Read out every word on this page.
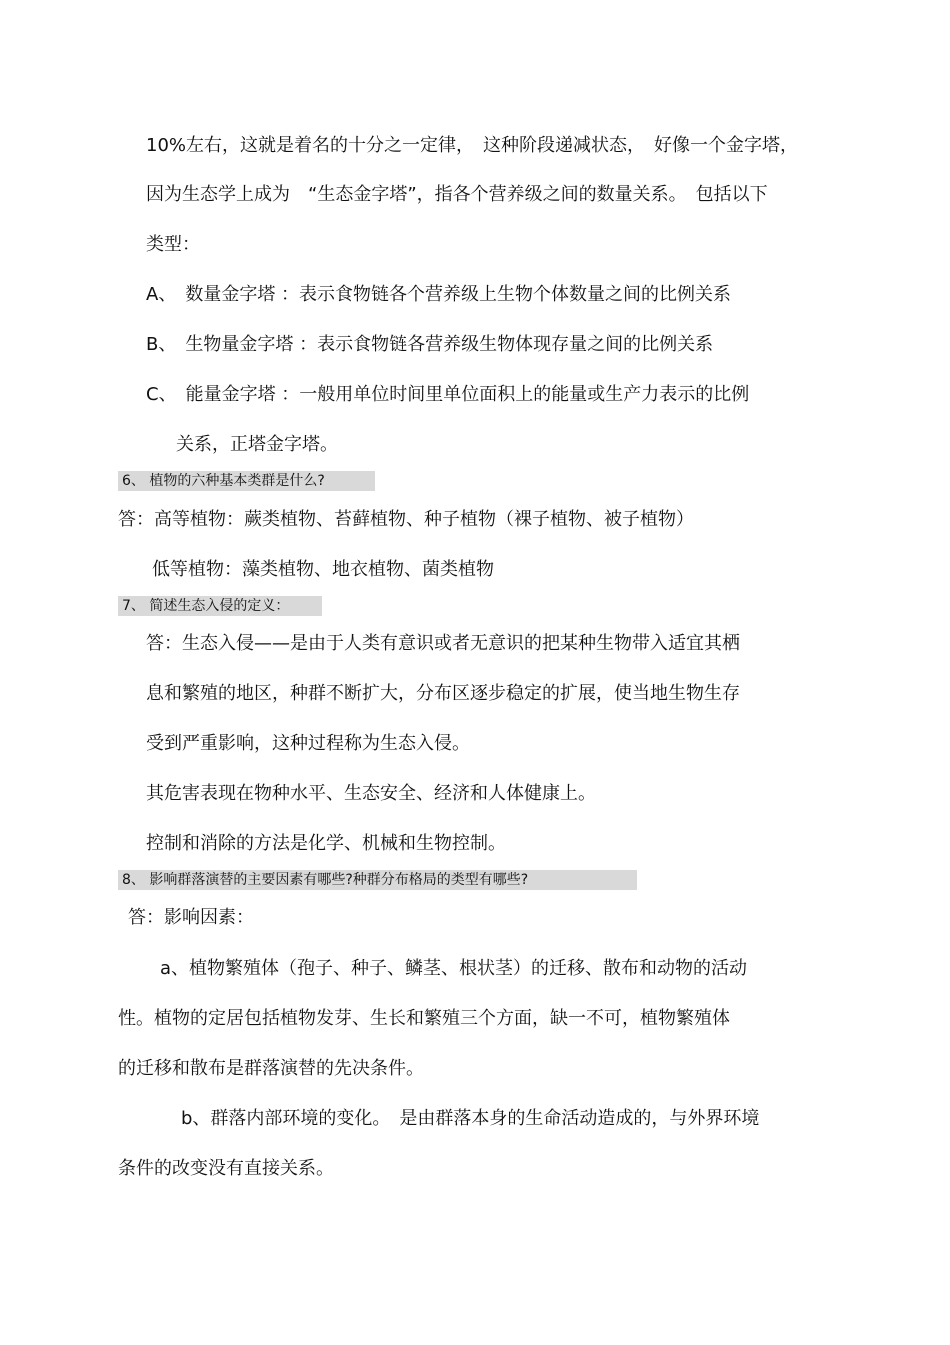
10%左右，这就是着名的十分之一定律，　这种阶段递减状态，　好像一个金字塔，
因为生态学上成为　“生态金字塔”，指各个营养级之间的数量关系。　包括以下
类型：
A、　数量金字塔 ：表示食物链各个营养级上生物个体数量之间的比例关系
B、　生物量金字塔 ：表示食物链各营养级生物体现存量之间的比例关系
C、　能量金字塔 ：一般用单位时间里单位面积上的能量或生产力表示的比例
关系，正塔金字塔。
6、 植物的六种基本类群是什么?
答：高等植物：蕨类植物、苔藓植物、种子植物（裸子植物、被子植物）
低等植物：藻类植物、地衣植物、菌类植物
7、 简述生态入侵的定义：
答：生态入侵——是由于人类有意识或者无意识的把某种生物带入适宜其栖
息和繁殖的地区，种群不断扩大，分布区逐步稳定的扩展，使当地生物生存
受到严重影响，这种过程称为生态入侵。
其危害表现在物种水平、生态安全、经济和人体健康上。
控制和消除的方法是化学、机械和生物控制。
8、 影响群落演替的主要因素有哪些?种群分布格局的类型有哪些?
答：影响因素：
a、植物繁殖体（孢子、种子、鳞茎、根状茎）的迁移、散布和动物的活动
性。植物的定居包括植物发芽、生长和繁殖三个方面，缺一不可，植物繁殖体
的迁移和散布是群落演替的先决条件。
b、群落内部环境的变化。　是由群落本身的生命活动造成的，与外界环境
条件的改变没有直接关系。
